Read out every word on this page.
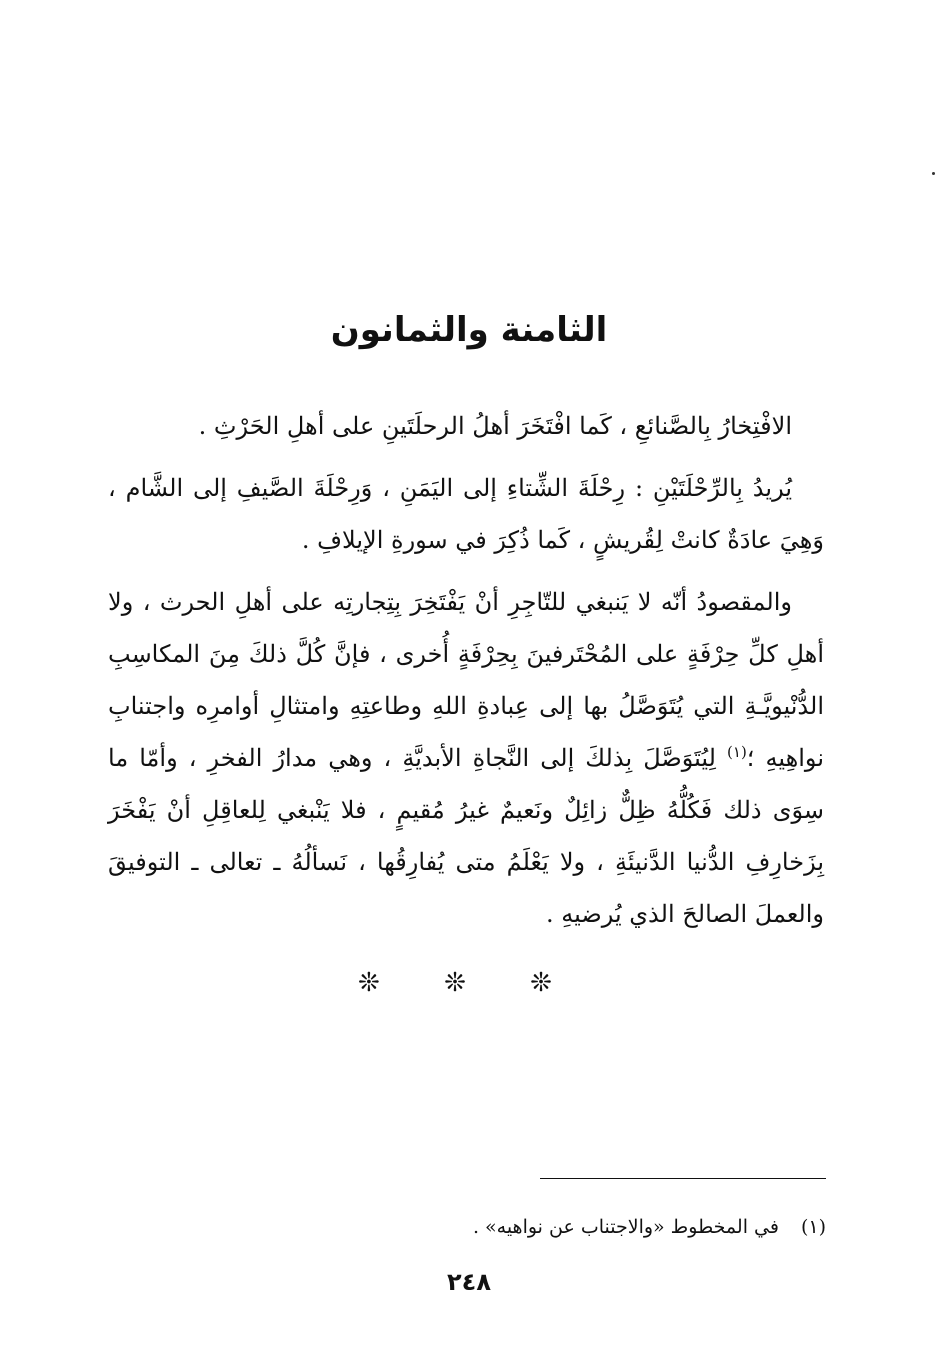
الثامنة والثمانون

الافْتِخارُ بِالصَّنائعِ ، كَما افْتَخَرَ أهلُ الرحلَتَينِ على أهلِ الحَرْثِ .

يُريدُ بِالرِّحْلَتَيْنِ : رِحْلَةَ الشِّتاءِ إلى اليَمَنِ ، وَرِحْلَةَ الصَّيفِ إلى الشَّام ، وَهِيَ عادَةٌ كانتْ لِقُريشٍ ، كَما ذُكِرَ في سورةِ الإيلافِ .

والمقصودُ أنّه لا يَنبغي للتّاجِرِ أنْ يَفْتَخِرَ بِتِجارتِه على أهلِ الحرث ، ولا أهلِ كلِّ حِرْفَةٍ على المُحْتَرفينَ بِحِرْفَةٍ أُخرى ، فإنَّ كُلَّ ذلكَ مِنَ المكاسِبِ الدُّنْيويَّـةِ التي يُتَوَصَّلُ بها إلى عِبادةِ اللهِ وطاعتِهِ وامتثالِ أوامرِه واجتنابِ نواهِيهِ ؛$^{(١)}$ لِيُتَوَصَّلَ بِذلكَ إلى النَّجاةِ الأبديَّةِ ، وهي مدارُ الفخرِ ، وأمّا ما سِوَى ذلك فَكُلُّهُ ظِلٌّ زائِلٌ ونَعيمٌ غيرُ مُقيمٍ ، فلا يَنْبغي لِلعاقِلِ أنْ يَفْخَرَ بِزَخارِفِ الدُّنيا الدَّنيئَةِ ، ولا يَعْلَمُ متى يُفارِقُها ، نَسألُهُ ـ تعالى ـ التوفيقَ والعملَ الصالحَ الذي يُرضيهِ .

❊ ❊ ❊
(١)في المخطوط «والاجتناب عن نواهيه» .
٢٤٨
